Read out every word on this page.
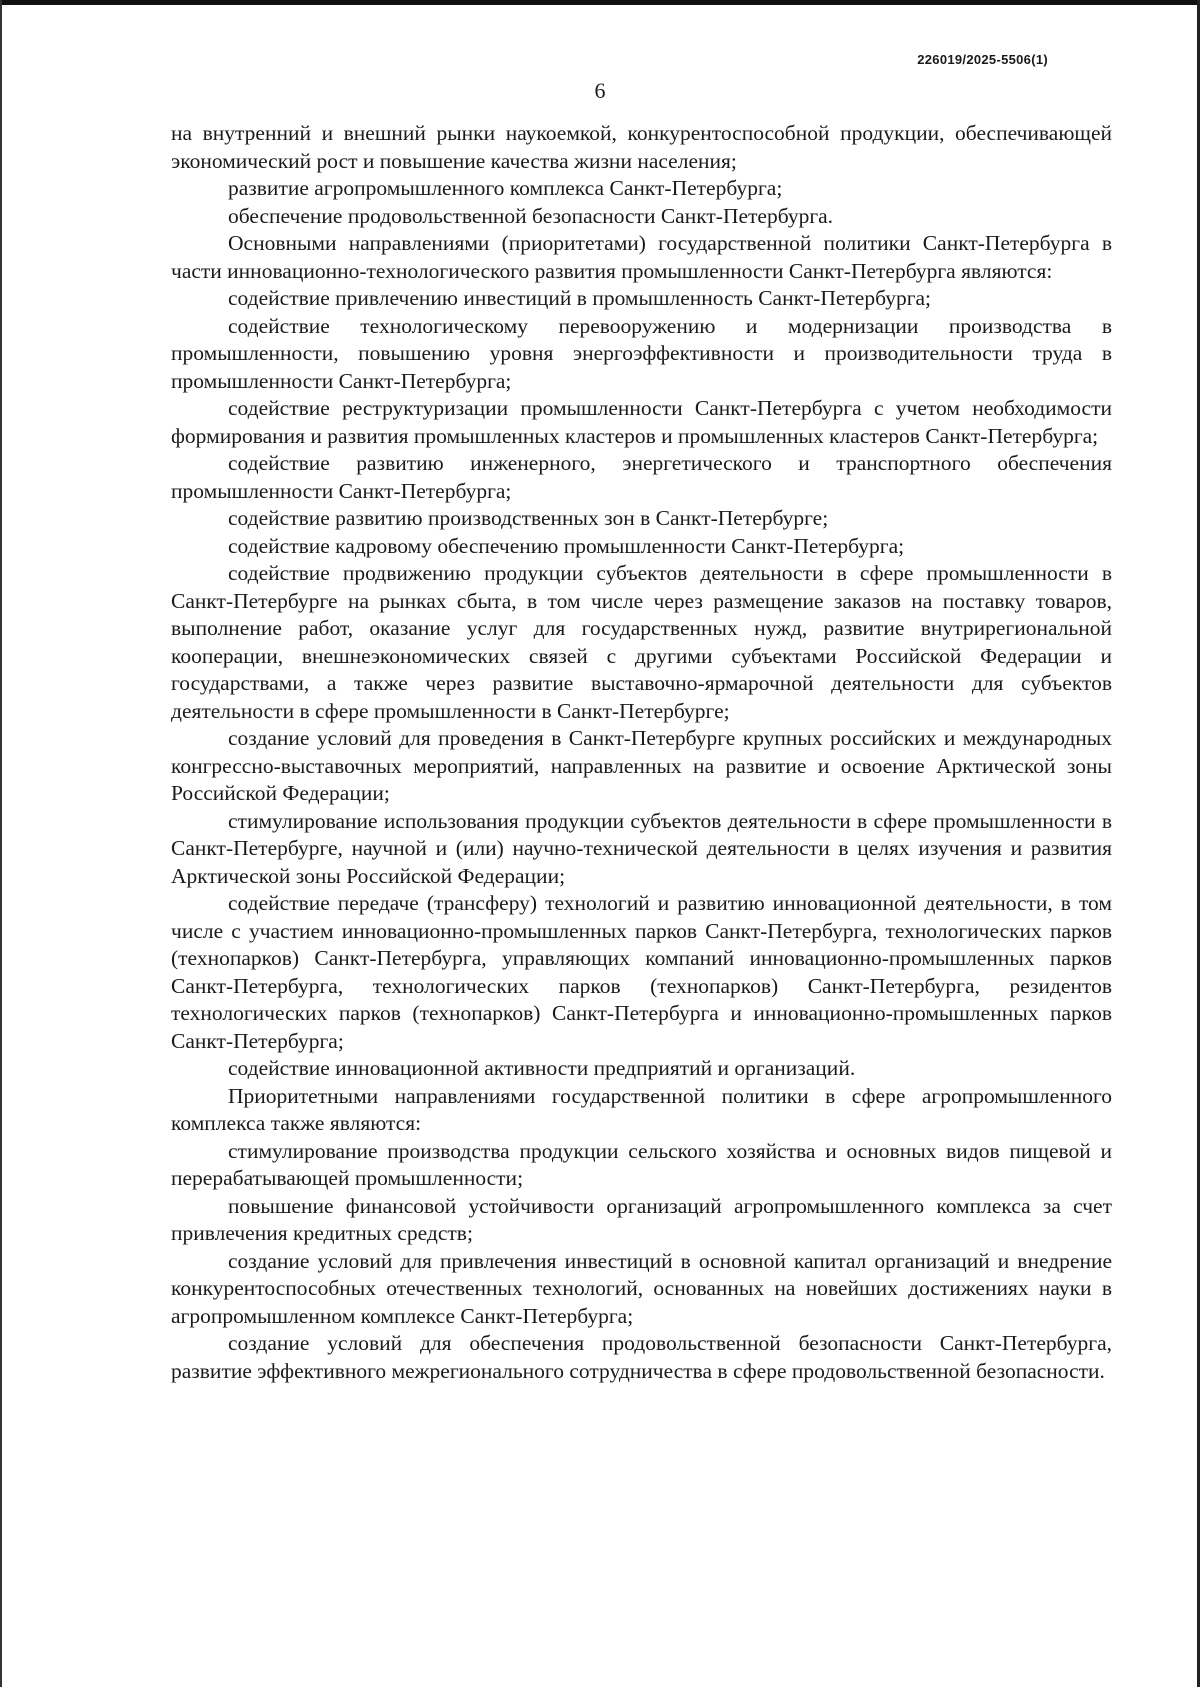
226019/2025-5506(1)
6

на внутренний и внешний рынки наукоемкой, конкурентоспособной продукции, обеспечивающей экономический рост и повышение качества жизни населения;

развитие агропромышленного комплекса Санкт-Петербурга;

обеспечение продовольственной безопасности Санкт-Петербурга.

Основными направлениями (приоритетами) государственной политики Санкт-Петербурга в части инновационно-технологического развития промышленности Санкт-Петербурга являются:

содействие привлечению инвестиций в промышленность Санкт-Петербурга;

содействие технологическому перевооружению и модернизации производства в промышленности, повышению уровня энергоэффективности и производительности труда в промышленности Санкт-Петербурга;

содействие реструктуризации промышленности Санкт-Петербурга с учетом необходимости формирования и развития промышленных кластеров и промышленных кластеров Санкт-Петербурга;

содействие развитию инженерного, энергетического и транспортного обеспечения промышленности Санкт-Петербурга;

содействие развитию производственных зон в Санкт-Петербурге;

содействие кадровому обеспечению промышленности Санкт-Петербурга;

содействие продвижению продукции субъектов деятельности в сфере промышленности в Санкт-Петербурге на рынках сбыта, в том числе через размещение заказов на поставку товаров, выполнение работ, оказание услуг для государственных нужд, развитие внутрирегиональной кооперации, внешнеэкономических связей с другими субъектами Российской Федерации и государствами, а также через развитие выставочно-ярмарочной деятельности для субъектов деятельности в сфере промышленности в Санкт-Петербурге;

создание условий для проведения в Санкт-Петербурге крупных российских и международных конгрессно-выставочных мероприятий, направленных на развитие и освоение Арктической зоны Российской Федерации;

стимулирование использования продукции субъектов деятельности в сфере промышленности в Санкт-Петербурге, научной и (или) научно-технической деятельности в целях изучения и развития Арктической зоны Российской Федерации;

содействие передаче (трансферу) технологий и развитию инновационной деятельности, в том числе с участием инновационно-промышленных парков Санкт-Петербурга, технологических парков (технопарков) Санкт-Петербурга, управляющих компаний инновационно-промышленных парков Санкт-Петербурга, технологических парков (технопарков) Санкт-Петербурга, резидентов технологических парков (технопарков) Санкт-Петербурга и инновационно-промышленных парков Санкт-Петербурга;

содействие инновационной активности предприятий и организаций.

Приоритетными направлениями государственной политики в сфере агропромышленного комплекса также являются:

стимулирование производства продукции сельского хозяйства и основных видов пищевой и перерабатывающей промышленности;

повышение финансовой устойчивости организаций агропромышленного комплекса за счет привлечения кредитных средств;

создание условий для привлечения инвестиций в основной капитал организаций и внедрение конкурентоспособных отечественных технологий, основанных на новейших достижениях науки в агропромышленном комплексе Санкт-Петербурга;

создание условий для обеспечения продовольственной безопасности Санкт-Петербурга, развитие эффективного межрегионального сотрудничества в сфере продовольственной безопасности.
